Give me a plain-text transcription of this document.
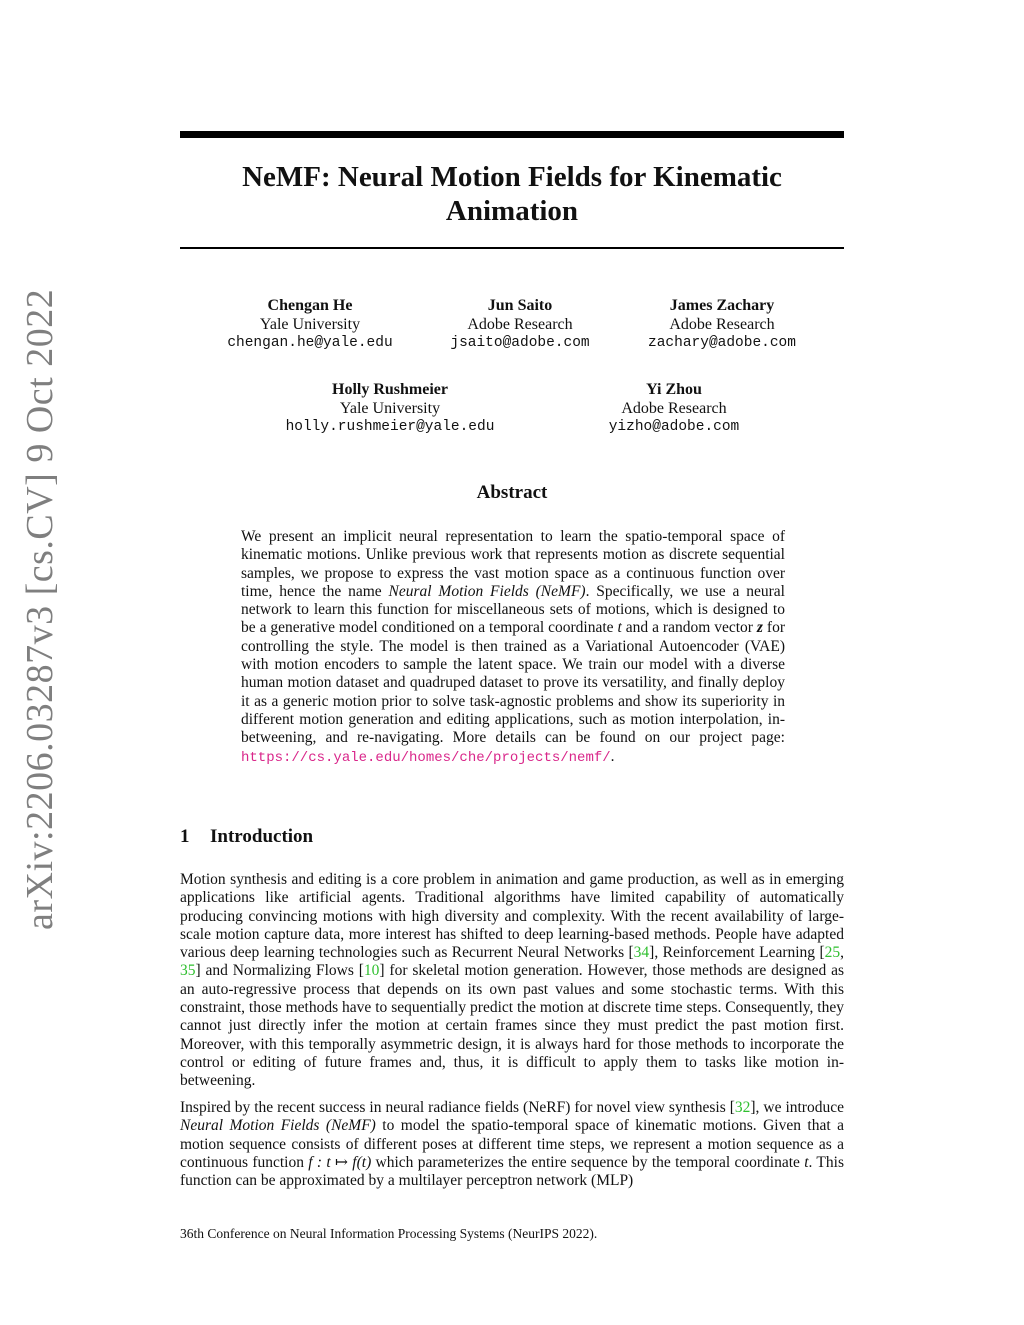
arXiv:2206.03287v3 [cs.CV] 9 Oct 2022
NeMF: Neural Motion Fields for Kinematic Animation
Chengan He
Yale University
chengan.he@yale.edu
Jun Saito
Adobe Research
jsaito@adobe.com
James Zachary
Adobe Research
zachary@adobe.com
Holly Rushmeier
Yale University
holly.rushmeier@yale.edu
Yi Zhou
Adobe Research
yizho@adobe.com
Abstract

We present an implicit neural representation to learn the spatio-temporal space of kinematic motions. Unlike previous work that represents motion as discrete sequential samples, we propose to express the vast motion space as a continuous function over time, hence the name Neural Motion Fields (NeMF). Specifically, we use a neural network to learn this function for miscellaneous sets of motions, which is designed to be a generative model conditioned on a temporal coordinate t and a random vector z for controlling the style. The model is then trained as a Variational Autoencoder (VAE) with motion encoders to sample the latent space. We train our model with a diverse human motion dataset and quadruped dataset to prove its versatility, and finally deploy it as a generic motion prior to solve task-agnostic problems and show its superiority in different motion generation and editing applications, such as motion interpolation, in-betweening, and re-navigating. More details can be found on our project page: https://cs.yale.edu/homes/che/projects/nemf/.

1 Introduction

Motion synthesis and editing is a core problem in animation and game production, as well as in emerging applications like artificial agents. Traditional algorithms have limited capability of automatically producing convincing motions with high diversity and complexity. With the recent availability of large-scale motion capture data, more interest has shifted to deep learning-based methods. People have adapted various deep learning technologies such as Recurrent Neural Networks [34], Reinforcement Learning [25, 35] and Normalizing Flows [10] for skeletal motion generation. However, those methods are designed as an auto-regressive process that depends on its own past values and some stochastic terms. With this constraint, those methods have to sequentially predict the motion at discrete time steps. Consequently, they cannot just directly infer the motion at certain frames since they must predict the past motion first. Moreover, with this temporally asymmetric design, it is always hard for those methods to incorporate the control or editing of future frames and, thus, it is difficult to apply them to tasks like motion in-betweening.

Inspired by the recent success in neural radiance fields (NeRF) for novel view synthesis [32], we introduce Neural Motion Fields (NeMF) to model the spatio-temporal space of kinematic motions. Given that a motion sequence consists of different poses at different time steps, we represent a motion sequence as a continuous function f : t ↦ f(t) which parameterizes the entire sequence by the temporal coordinate t. This function can be approximated by a multilayer perceptron network (MLP)

36th Conference on Neural Information Processing Systems (NeurIPS 2022).
